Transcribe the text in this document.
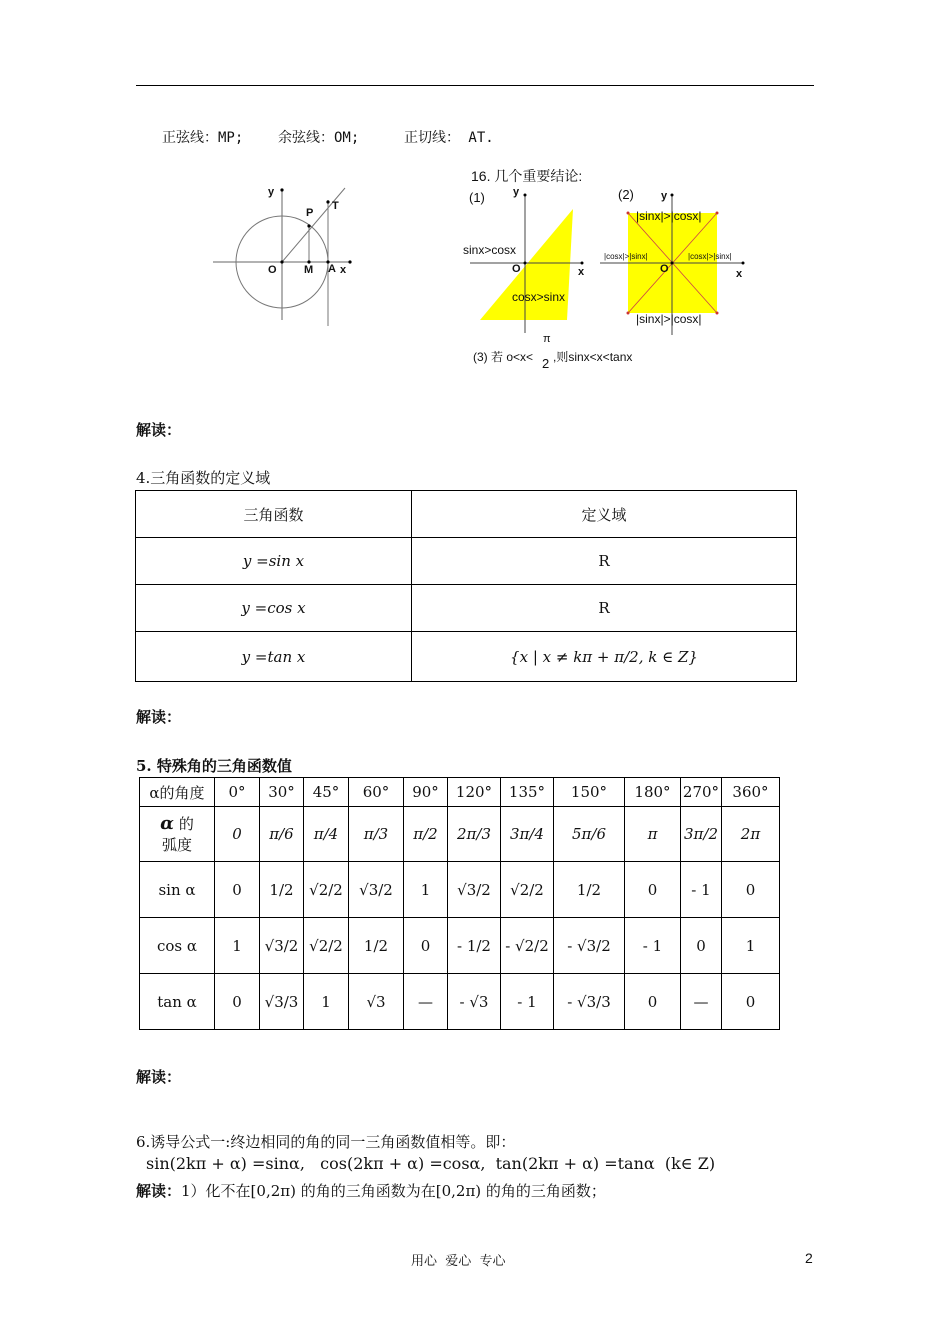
正弦线：MP; 余弦线：OM;	正切线： AT.
y
P
T
O M A x
16. 几个重要结论:
(1)	(2)
y
x
O
sinx>cosx
cosx>sinx
y
x
O
|sinx|>|cosx|
|sinx|>|cosx|
|cosx|>|sinx|	|cosx|>|sinx|
(3) 若 o<x<
π
2 ,则sinx<x<tanx
解读：
4.三角函数的定义域
三角函数	定义域
y =sin x	R
y =cos x	R
y =tan x	{x | x ≠ kπ + π/2, k ∈ Z}
解读：
5. 特殊角的三角函数值
α的角度	0°	30°	45°	60°	90°	120°	135°	150°	180°	270°	360°
α 的
弧度	0	π/6	π/4	π/3	π/2	2π/3	3π/4	5π/6	π	3π/2	2π
sin α	0	1/2	√2/2	√3/2	1	√3/2	√2/2	1/2	0	- 1	0
cos α	1	√3/2	√2/2	1/2	0	- 1/2	- √2/2	- √3/2	- 1	0	1
tan α	0	√3/3	1	√3	—	- √3	- 1	- √3/3	0	—	0
解读：
6.诱导公式一:终边相同的角的同一三角函数值相等。即：
sin(2kπ + α) =sinα,   cos(2kπ + α) =cosα,  tan(2kπ + α) =tanα  (k∈ Z)
解读：1）化不在[0,2π) 的角的三角函数为在[0,2π) 的角的三角函数；
用心  爱心  专心	2
